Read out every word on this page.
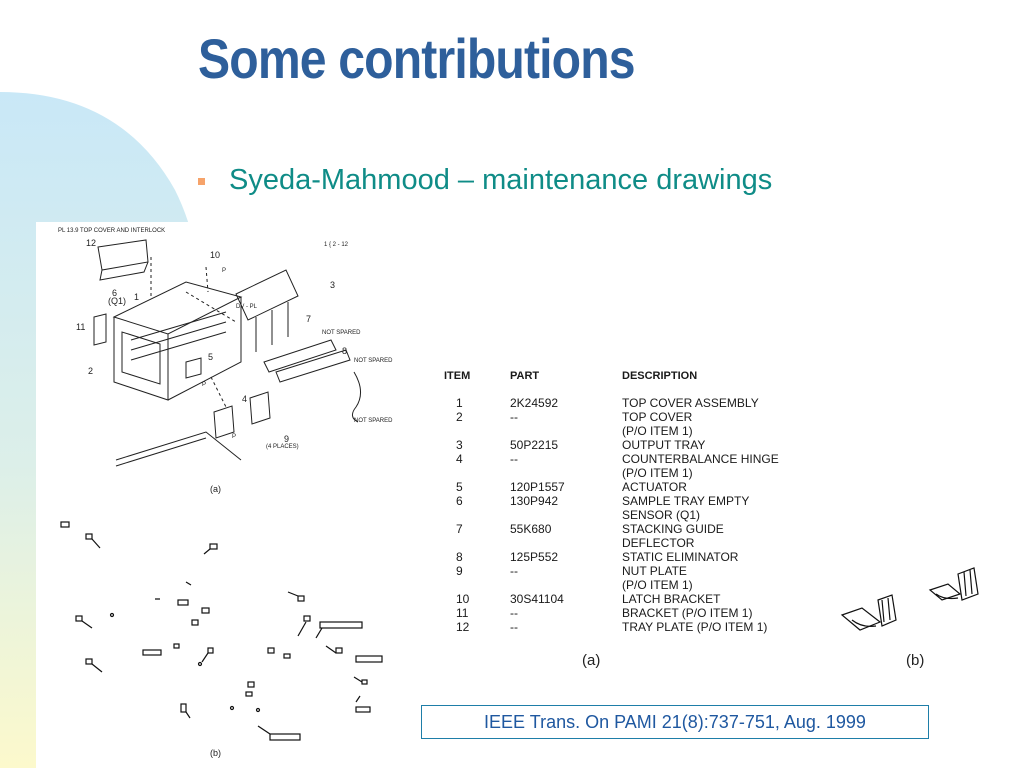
Some contributions
Syeda-Mahmood – maintenance drawings
PL 13.9 TOP COVER AND INTERLOCK
1 { 2 - 12
12
10
6
(Q1)
11
1
2
5
3
DV - PL
7
NOT SPARED
8
NOT SPARED
4
NOT SPARED
9
(4 PLACES)
P
P
P
(a)
(b)
ITEM	PART	DESCRIPTION
1	2K24592	TOP COVER ASSEMBLY
2	--	TOP COVER
		(P/O ITEM 1)
3	50P2215	OUTPUT TRAY
4	--	COUNTERBALANCE HINGE
		(P/O ITEM 1)
5	120P1557	ACTUATOR
6	130P942	SAMPLE TRAY EMPTY
		SENSOR (Q1)
7	55K680	STACKING GUIDE
		DEFLECTOR
8	125P552	STATIC ELIMINATOR
9	--	NUT PLATE
		(P/O ITEM 1)
10	30S41104	LATCH BRACKET
11	--	BRACKET (P/O ITEM 1)
12	--	TRAY PLATE (P/O ITEM 1)
(a)	(b)
IEEE Trans. On PAMI 21(8):737-751, Aug. 1999
